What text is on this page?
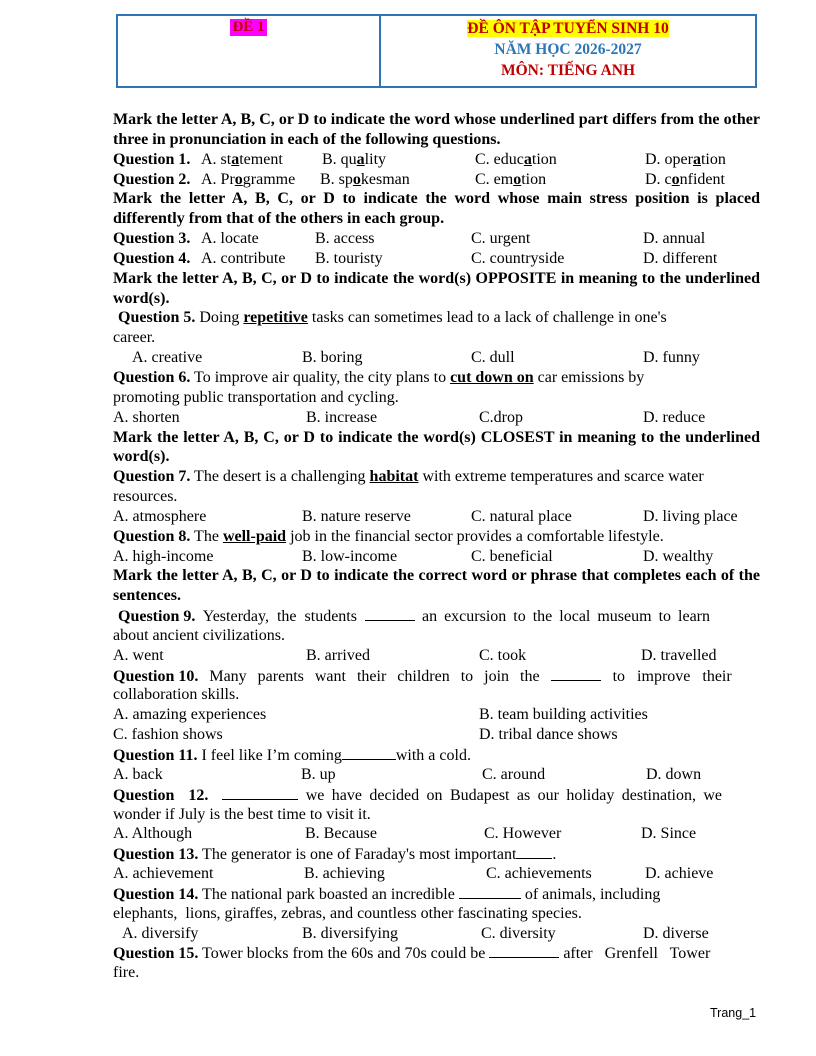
ĐỀ 1	ĐỀ ÔN TẬP TUYỂN SINH 10
NĂM HỌC 2026-2027
MÔN: TIẾNG ANH
Mark the letter A, B, C, or D to indicate the word whose underlined part differs from the other three in pronunciation in each of the following questions.
Question 1. A. statement B. quality	C. education	D. operation
Question 2. A. Programme B. spokesman	C. emotion	D. confident
Mark the letter A, B, C, or D to indicate the word whose main stress position is placed differently from that of the others in each group.
Question 3. A. locate	B. access	C. urgent	D. annual
Question 4. A. contribute B. touristy	C. countryside	D. different
Mark the letter A, B, C, or D to indicate the word(s) OPPOSITE in meaning to the underlined word(s).
Question 5. Doing repetitive tasks can sometimes lead to a lack of challenge in one's
career.
A. creative	B. boring	C. dull	D. funny
Question 6. To improve air quality, the city plans to cut down on car emissions by
promoting public transportation and cycling.
A. shorten	B. increase	C.drop	D. reduce
Mark the letter A, B, C, or D to indicate the word(s) CLOSEST in meaning to the underlined word(s).
Question 7. The desert is a challenging habitat with extreme temperatures and scarce water
resources.
A. atmosphere	B. nature reserve	C. natural place	D. living place
Question 8. The well-paid job in the financial sector provides a comfortable lifestyle.
A. high-income	B. low-income	C. beneficial	D. wealthy
Mark the letter A, B, C, or D to indicate the correct word or phrase that completes each of the sentences.
Question 9. Yesterday, the students	an excursion to the local museum to learn
about ancient civilizations.
A. went	B. arrived	C. took	D. travelled
Question 10. Many parents want their children to join the	to improve their
collaboration skills.
A. amazing experiences	B. team building activities
C. fashion shows	D. tribal dance shows
Question 11. I feel like I’m coming	with a cold.
A. back	B. up	C. around	D. down
Question 12.	we have decided on Budapest as our holiday destination, we
wonder if July is the best time to visit it.
A. Although	B. Because	C. However	D. Since
Question 13. The generator is one of Faraday's most important .
A. achievement	B. achieving	C. achievements	D. achieve
Question 14. The national park boasted an incredible	of animals, including
elephants,  lions, giraffes, zebras, and countless other fascinating species.
A. diversify	B. diversifying	C. diversity	D. diverse
Question 15. Tower blocks from the 60s and 70s could be	after   Grenfell   Tower
fire.
Trang_1
